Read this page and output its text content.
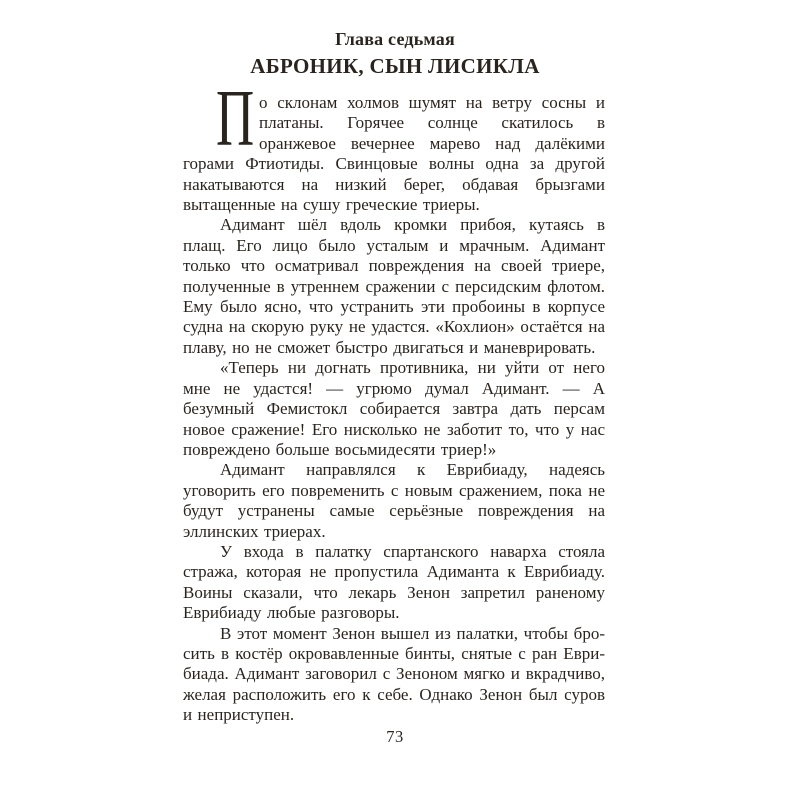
Глава седьмая
АБРОНИК, СЫН ЛИСИКЛА

П о склонам холмов шумят на ветру сосны и платаны. Горячее солнце скатилось в оранжевое вечернее марево над далёкими горами Фтиотиды. Свинцовые волны одна за другой накатываются на низкий берег, обдавая брызгами вытащенные на сушу греческие триеры.

Адимант шёл вдоль кромки прибоя, кутаясь в плащ. Его лицо было усталым и мрачным. Адимант только что осматривал повреждения на своей триере, полученные в утреннем сражении с персидским флотом. Ему было ясно, что устранить эти пробоины в корпусе судна на скорую руку не удастся. «Кохлион» остаётся на плаву, но не сможет быстро двигаться и маневрировать.

«Теперь ни догнать противника, ни уйти от него мне не удастся! — угрюмо думал Адимант. — А безумный Фемистокл собирается завтра дать персам новое сражение! Его нисколько не заботит то, что у нас повреждено больше восьмидесяти триер!»

Адимант направлялся к Еврибиаду, надеясь уговорить его повременить с новым сражением, пока не будут устранены самые серьёзные повреждения на эллинских триерах.

У входа в палатку спартанского наварха стояла стража, которая не пропустила Адиманта к Еврибиаду. Воины сказали, что лекарь Зенон запретил раненому Еврибиаду любые разговоры.

В этот момент Зенон вышел из палатки, чтобы бросить в костёр окровавленные бинты, снятые с ран Еврибиада. Адимант заговорил с Зеноном мягко и вкрадчиво, желая расположить его к себе. Однако Зенон был суров и неприступен.

73
